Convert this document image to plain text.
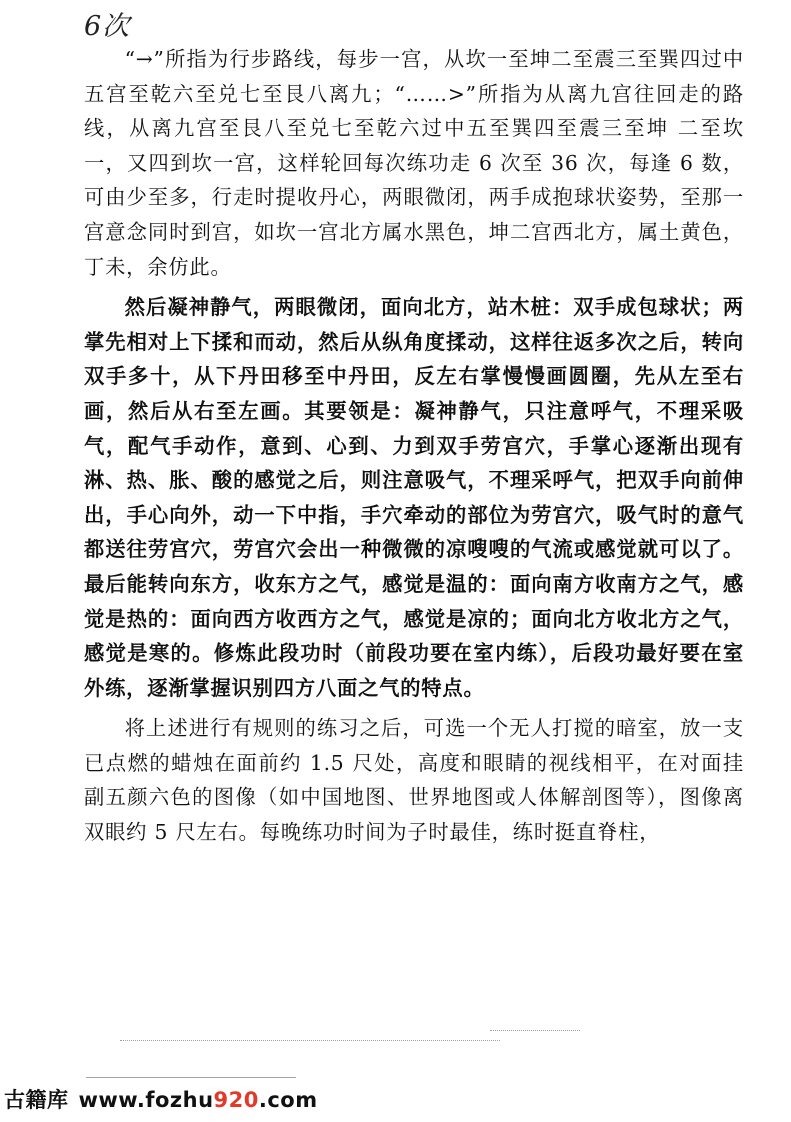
6次

“→”所指为行步路线，每步一宫，从坎一至坤二至震三至巽四过中五宫至乾六至兑七至艮八离九；“……>”所指为从离九宫往回走的路线，从离九宫至艮八至兑七至乾六过中五至巽四至震三至坤 二至坎一，又四到坎一宫，这样轮回每次练功走 6 次至 36 次，每逢 6 数，可由少至多，行走时提收丹心，两眼微闭，两手成抱球状姿势，至那一宫意念同时到宫，如坎一宫北方属水黑色，坤二宫西北方，属土黄色，丁未，余仿此。

然后凝神静气，两眼微闭，面向北方，站木桩：双手成包球状；两掌先相对上下揉和而动，然后从纵角度揉动，这样往返多次之后，转向双手多十，从下丹田移至中丹田，反左右掌慢慢画圆圈，先从左至右画，然后从右至左画。其要领是：凝神静气，只注意呼气，不理采吸气，配气手动作，意到、心到、力到双手劳宫穴，手掌心逐渐出现有淋、热、胀、酸的感觉之后，则注意吸气，不理采呼气，把双手向前伸出，手心向外，动一下中指，手穴牵动的部位为劳宫穴，吸气时的意气都送往劳宫穴，劳宫穴会出一种微微的凉嗖嗖的气流或感觉就可以了。最后能转向东方，收东方之气，感觉是温的：面向南方收南方之气，感觉是热的：面向西方收西方之气，感觉是凉的；面向北方收北方之气，感觉是寒的。修炼此段功时（前段功要在室内练），后段功最好要在室外练，逐渐掌握识别四方八面之气的特点。

将上述进行有规则的练习之后，可选一个无人打搅的暗室，放一支已点燃的蜡烛在面前约 1.5 尺处，高度和眼睛的视线相平，在对面挂副五颜六色的图像（如中国地图、世界地图或人体解剖图等），图像离双眼约 5 尺左右。每晚练功时间为子时最佳，练时挺直脊柱，

古籍库 www.fozhu920.com
